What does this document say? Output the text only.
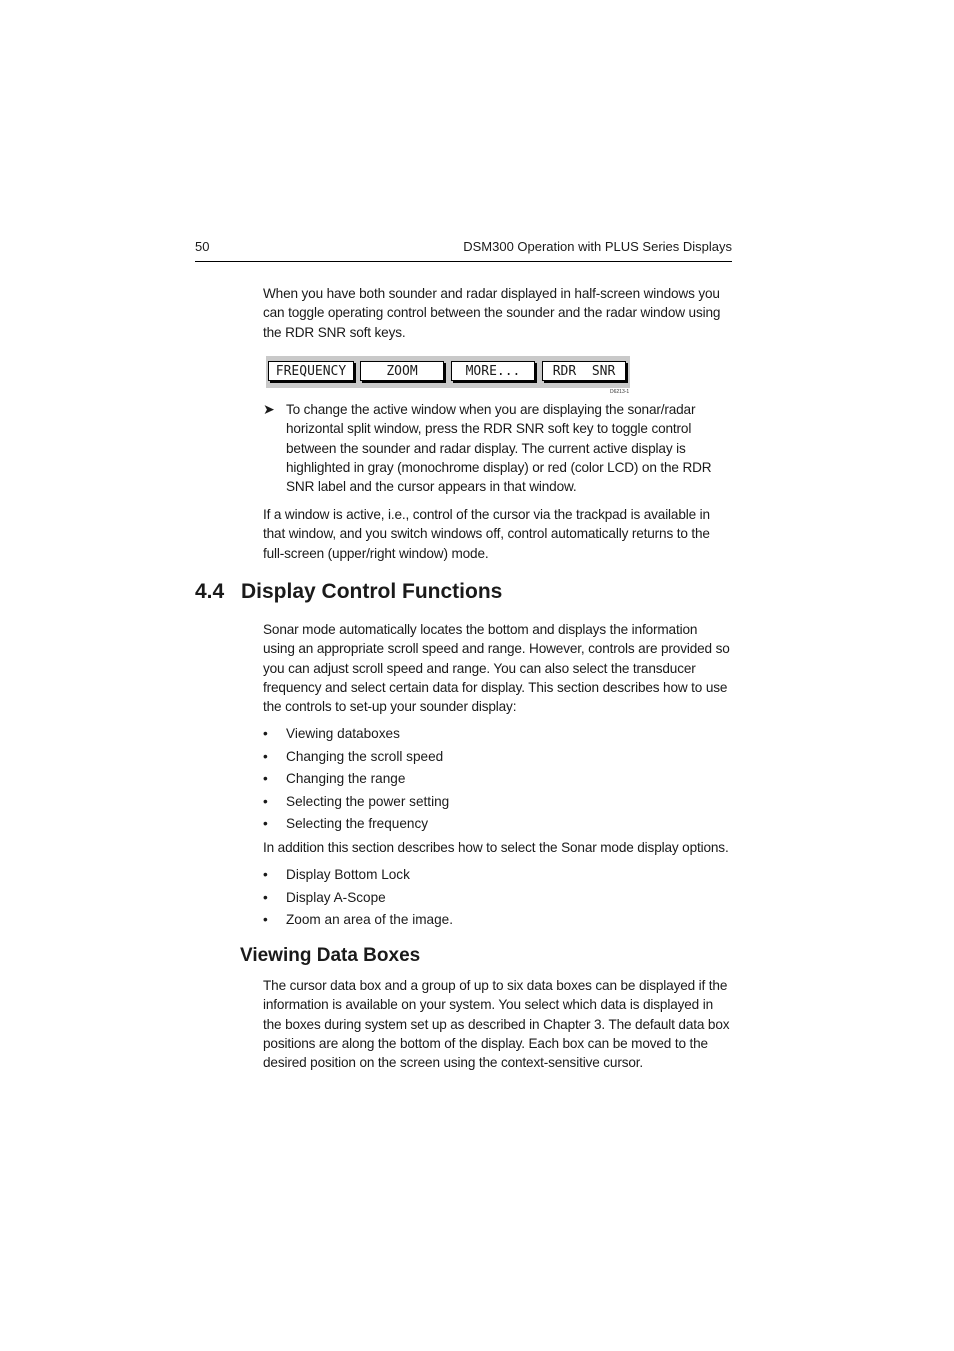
50	DSM300 Operation with PLUS Series Displays

When you have both sounder and radar displayed in half-screen windows you can toggle operating control between the sounder and the radar window using the RDR SNR soft keys.

FREQUENCY	ZOOM	MORE...	RDR  SNR
D6213-1
➤ To change the active window when you are displaying the sonar/radar horizontal split window, press the RDR SNR soft key to toggle control between the sounder and radar display. The current active display is highlighted in gray (monochrome display) or red (color LCD) on the RDR SNR label and the cursor appears in that window.

If a window is active, i.e., control of the cursor via the trackpad is available in that window, and you switch windows off, control automatically returns to the full-screen (upper/right window) mode.

4.4 Display Control Functions

Sonar mode automatically locates the bottom and displays the information using an appropriate scroll speed and range. However, controls are provided so you can adjust scroll speed and range. You can also select the transducer frequency and select certain data for display. This section describes how to use the controls to set-up your sounder display:

• Viewing databoxes
• Changing the scroll speed
• Changing the range
• Selecting the power setting
• Selecting the frequency

In addition this section describes how to select the Sonar mode display options.

• Display Bottom Lock
• Display A-Scope
• Zoom an area of the image.
Viewing Data Boxes

The cursor data box and a group of up to six data boxes can be displayed if the information is available on your system. You select which data is displayed in the boxes during system set up as described in Chapter 3. The default data box positions are along the bottom of the display. Each box can be moved to the desired position on the screen using the context-sensitive cursor.
